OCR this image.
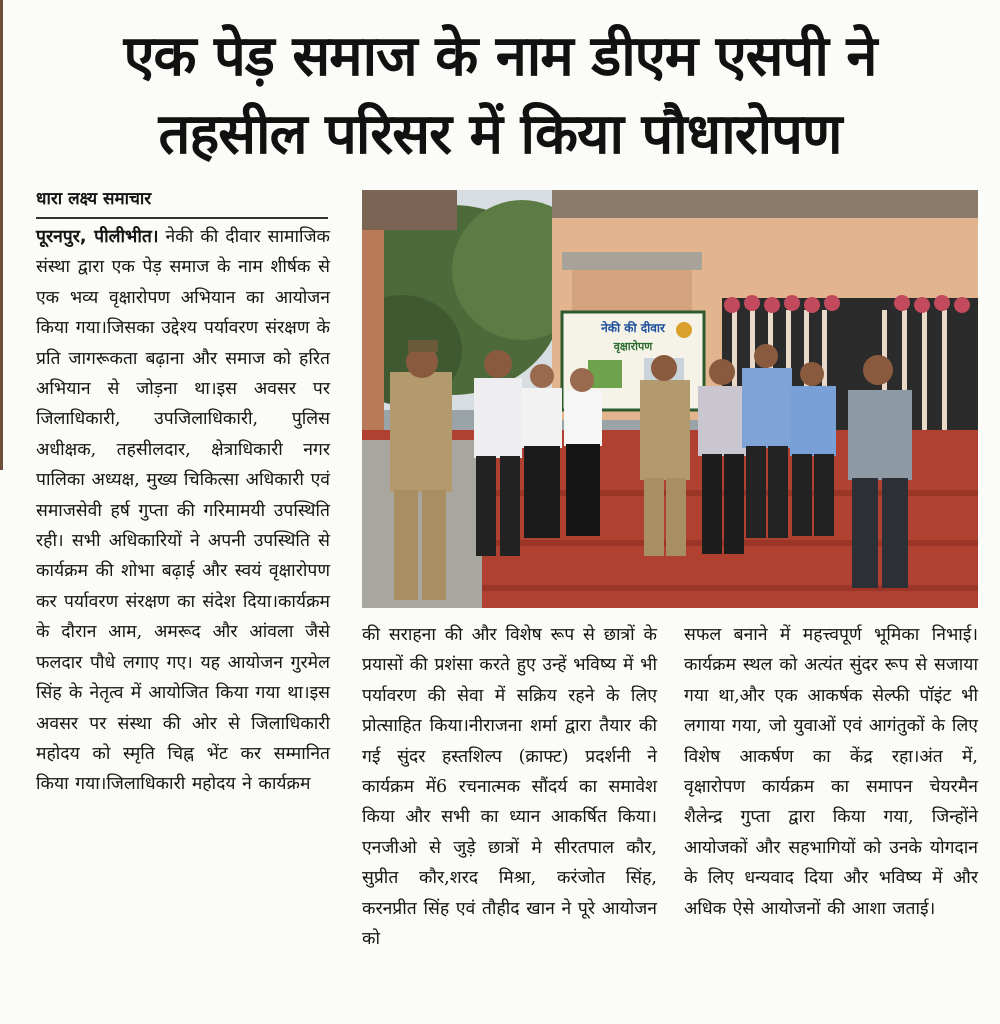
एक पेड़ समाज के नाम डीएम एसपी ने
तहसील परिसर में किया पौधारोपण
धारा लक्ष्य समाचार

पूरनपुर, पीलीभीत। नेकी की दीवार सामाजिक संस्था द्वारा एक पेड़ समाज के नाम शीर्षक से एक भव्य वृक्षारोपण अभियान का आयोजन किया गया।जिसका उद्देश्य पर्यावरण संरक्षण के प्रति जागरूकता बढ़ाना और समाज को हरित अभियान से जोड़ना था।इस अवसर पर जिलाधिकारी, उपजिलाधिकारी, पुलिस अधीक्षक, तहसीलदार, क्षेत्राधिकारी नगर पालिका अध्यक्ष, मुख्य चिकित्सा अधिकारी एवं समाजसेवी हर्ष गुप्ता की गरिमामयी उपस्थिति रही। सभी अधिकारियों ने अपनी उपस्थिति से कार्यक्रम की शोभा बढ़ाई और स्वयं वृक्षारोपण कर पर्यावरण संरक्षण का संदेश दिया।कार्यक्रम के दौरान आम, अमरूद और आंवला जैसे फलदार पौधे लगाए गए। यह आयोजन गुरमेल सिंह के नेतृत्व में आयोजित किया गया था।इस अवसर पर संस्था की ओर से जिलाधिकारी महोदय को स्मृति चिह्न भेंट कर सम्मानित किया गया।जिलाधिकारी महोदय ने कार्यक्रम

नेकी की दीवार
वृक्षारोपण

की सराहना की और विशेष रूप से छात्रों के प्रयासों की प्रशंसा करते हुए उन्हें भविष्य में भी पर्यावरण की सेवा में सक्रिय रहने के लिए प्रोत्साहित किया।नीराजना शर्मा द्वारा तैयार की गई सुंदर हस्तशिल्प (क्राफ्ट) प्रदर्शनी ने कार्यक्रम में6 रचनात्मक सौंदर्य का समावेश किया और सभी का ध्यान आकर्षित किया।एनजीओ से जुड़े छात्रों मे सीरतपाल कौर, सुप्रीत कौर,शरद मिश्रा, करंजोत सिंह, करनप्रीत सिंह एवं तौहीद खान ने पूरे आयोजन को

सफल बनाने में महत्त्वपूर्ण भूमिका निभाई।कार्यक्रम स्थल को अत्यंत सुंदर रूप से सजाया गया था,और एक आकर्षक सेल्फी पॉइंट भी लगाया गया, जो युवाओं एवं आगंतुकों के लिए विशेष आकर्षण का केंद्र रहा।अंत में, वृक्षारोपण कार्यक्रम का समापन चेयरमैन शैलेन्द्र गुप्ता द्वारा किया गया, जिन्होंने आयोजकों और सहभागियों को उनके योगदान के लिए धन्यवाद दिया और भविष्य में और अधिक ऐसे आयोजनों की आशा जताई।
